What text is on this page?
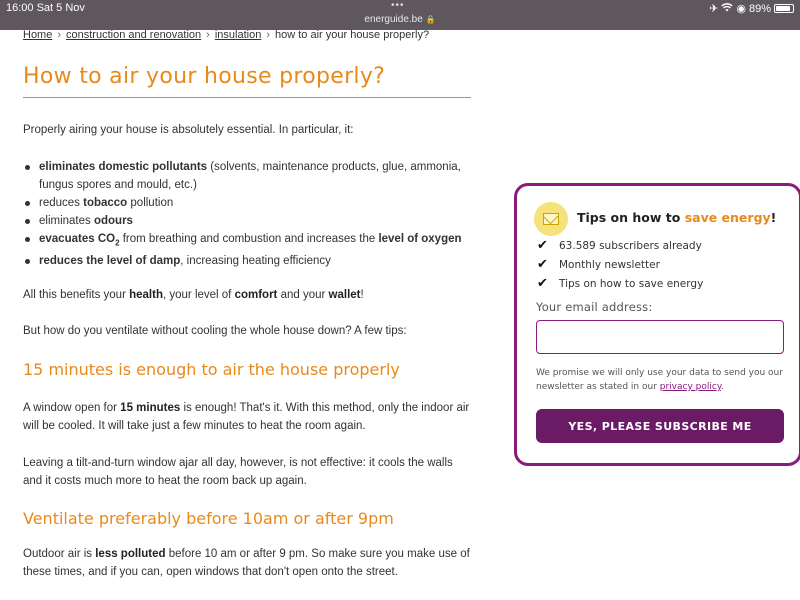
16:00 Sat 5 Nov	•••
energuide.be 🔒
✈ ◉ 89%
Home › construction and renovation › insulation › how to air your house properly?
How to air your house properly?

Properly airing your house is absolutely essential. In particular, it:

eliminates domestic pollutants (solvents, maintenance products, glue, ammonia, fungus spores and mould, etc.)
reduces tobacco pollution
eliminates odours
evacuates $CO_2$ from breathing and combustion and increases the level of oxygen
reduces the level of damp, increasing heating efficiency

All this benefits your health, your level of comfort and your wallet!

But how do you ventilate without cooling the whole house down? A few tips:

15 minutes is enough to air the house properly

A window open for 15 minutes is enough! That's it. With this method, only the indoor air will be cooled. It will take just a few minutes to heat the room again.

Leaving a tilt-and-turn window ajar all day, however, is not effective: it cools the walls and it costs much more to heat the room back up again.

Ventilate preferably before 10am or after 9pm

Outdoor air is less polluted before 10 am or after 9 pm. So make sure you make use of these times, and if you can, open windows that don't open onto the street.

Tips on how to save energy!
✔ 63.589 subscribers already
✔ Monthly newsletter
✔ Tips on how to save energy
Your email address:

We promise we will only use your data to send you our newsletter as stated in our privacy policy.

YES, PLEASE SUBSCRIBE ME
